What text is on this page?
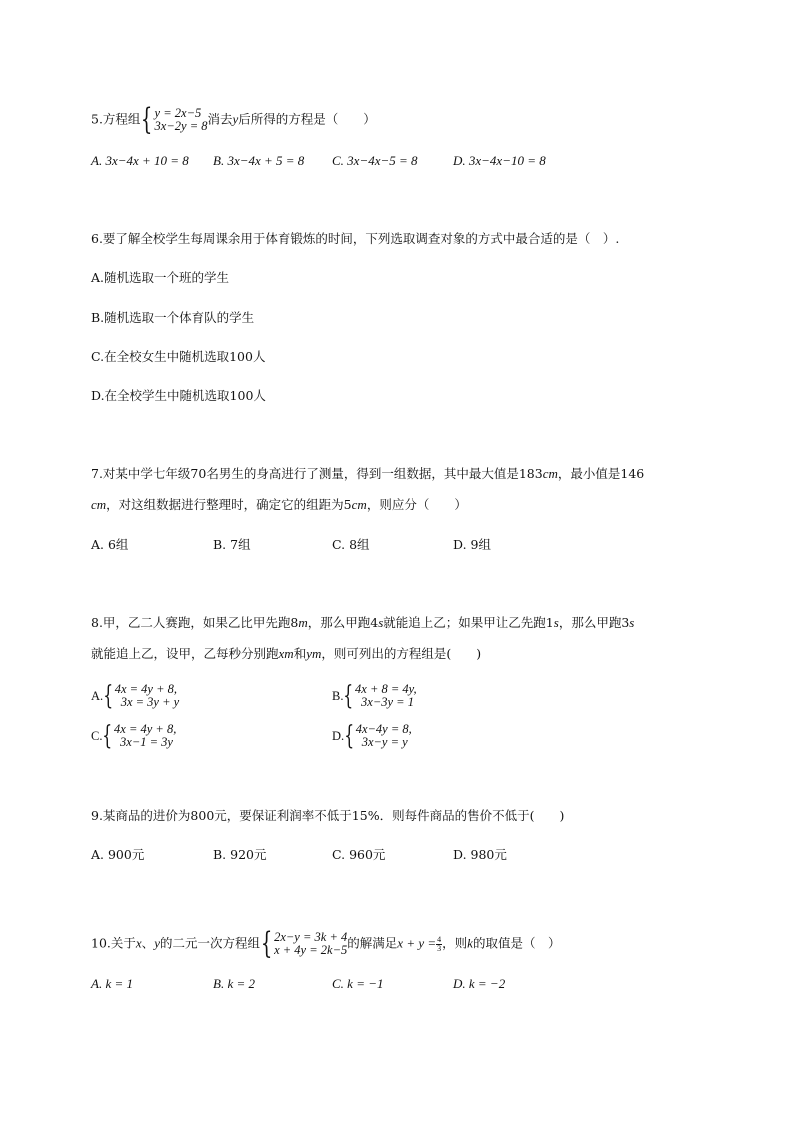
5.方程组 { y = 2x−5
3x−2y = 8 消去y后所得的方程是（　　）
A. 3x−4x + 10 = 8 B. 3x−4x + 5 = 8 C. 3x−4x−5 = 8	D. 3x−4x−10 = 8
6.要了解全校学生每周课余用于体育锻炼的时间，下列选取调查对象的方式中最合适的是（　）.
A.随机选取一个班的学生
B.随机选取一个体育队的学生
C.在全校女生中随机选取100人
D.在全校学生中随机选取100人
7.对某中学七年级70名男生的身高进行了测量，得到一组数据，其中最大值是183cm，最小值是146
cm，对这组数据进行整理时，确定它的组距为5cm，则应分（　　）
A. 6组	B. 7组	C. 8组	D. 9组
8.甲，乙二人赛跑，如果乙比甲先跑8m，那么甲跑4s就能追上乙；如果甲让乙先跑1s，那么甲跑3s
就能追上乙，设甲，乙每秒分别跑xm和ym，则可列出的方程组是(　　)
A. { 4x = 4y + 8,
3x = 3y + y	B. { 4x + 8 = 4y,
3x−3y = 1
C. { 4x = 4y + 8,
3x−1 = 3y	D. { 4x−4y = 8,
3x−y = y
9.某商品的进价为800元，要保证利润率不低于15%．则每件商品的售价不低于(　　)
A. 900元	B. 920元	C. 960元	D. 980元
10.关于x、y的二元一次方程组 { 2x−y = 3k + 4
x + 4y = 2k−5 的解满足$x + y = \frac{4}{3}$ ，则k的取值是（　）
A. k = 1	B. k = 2	C. k = −1	D. k = −2
